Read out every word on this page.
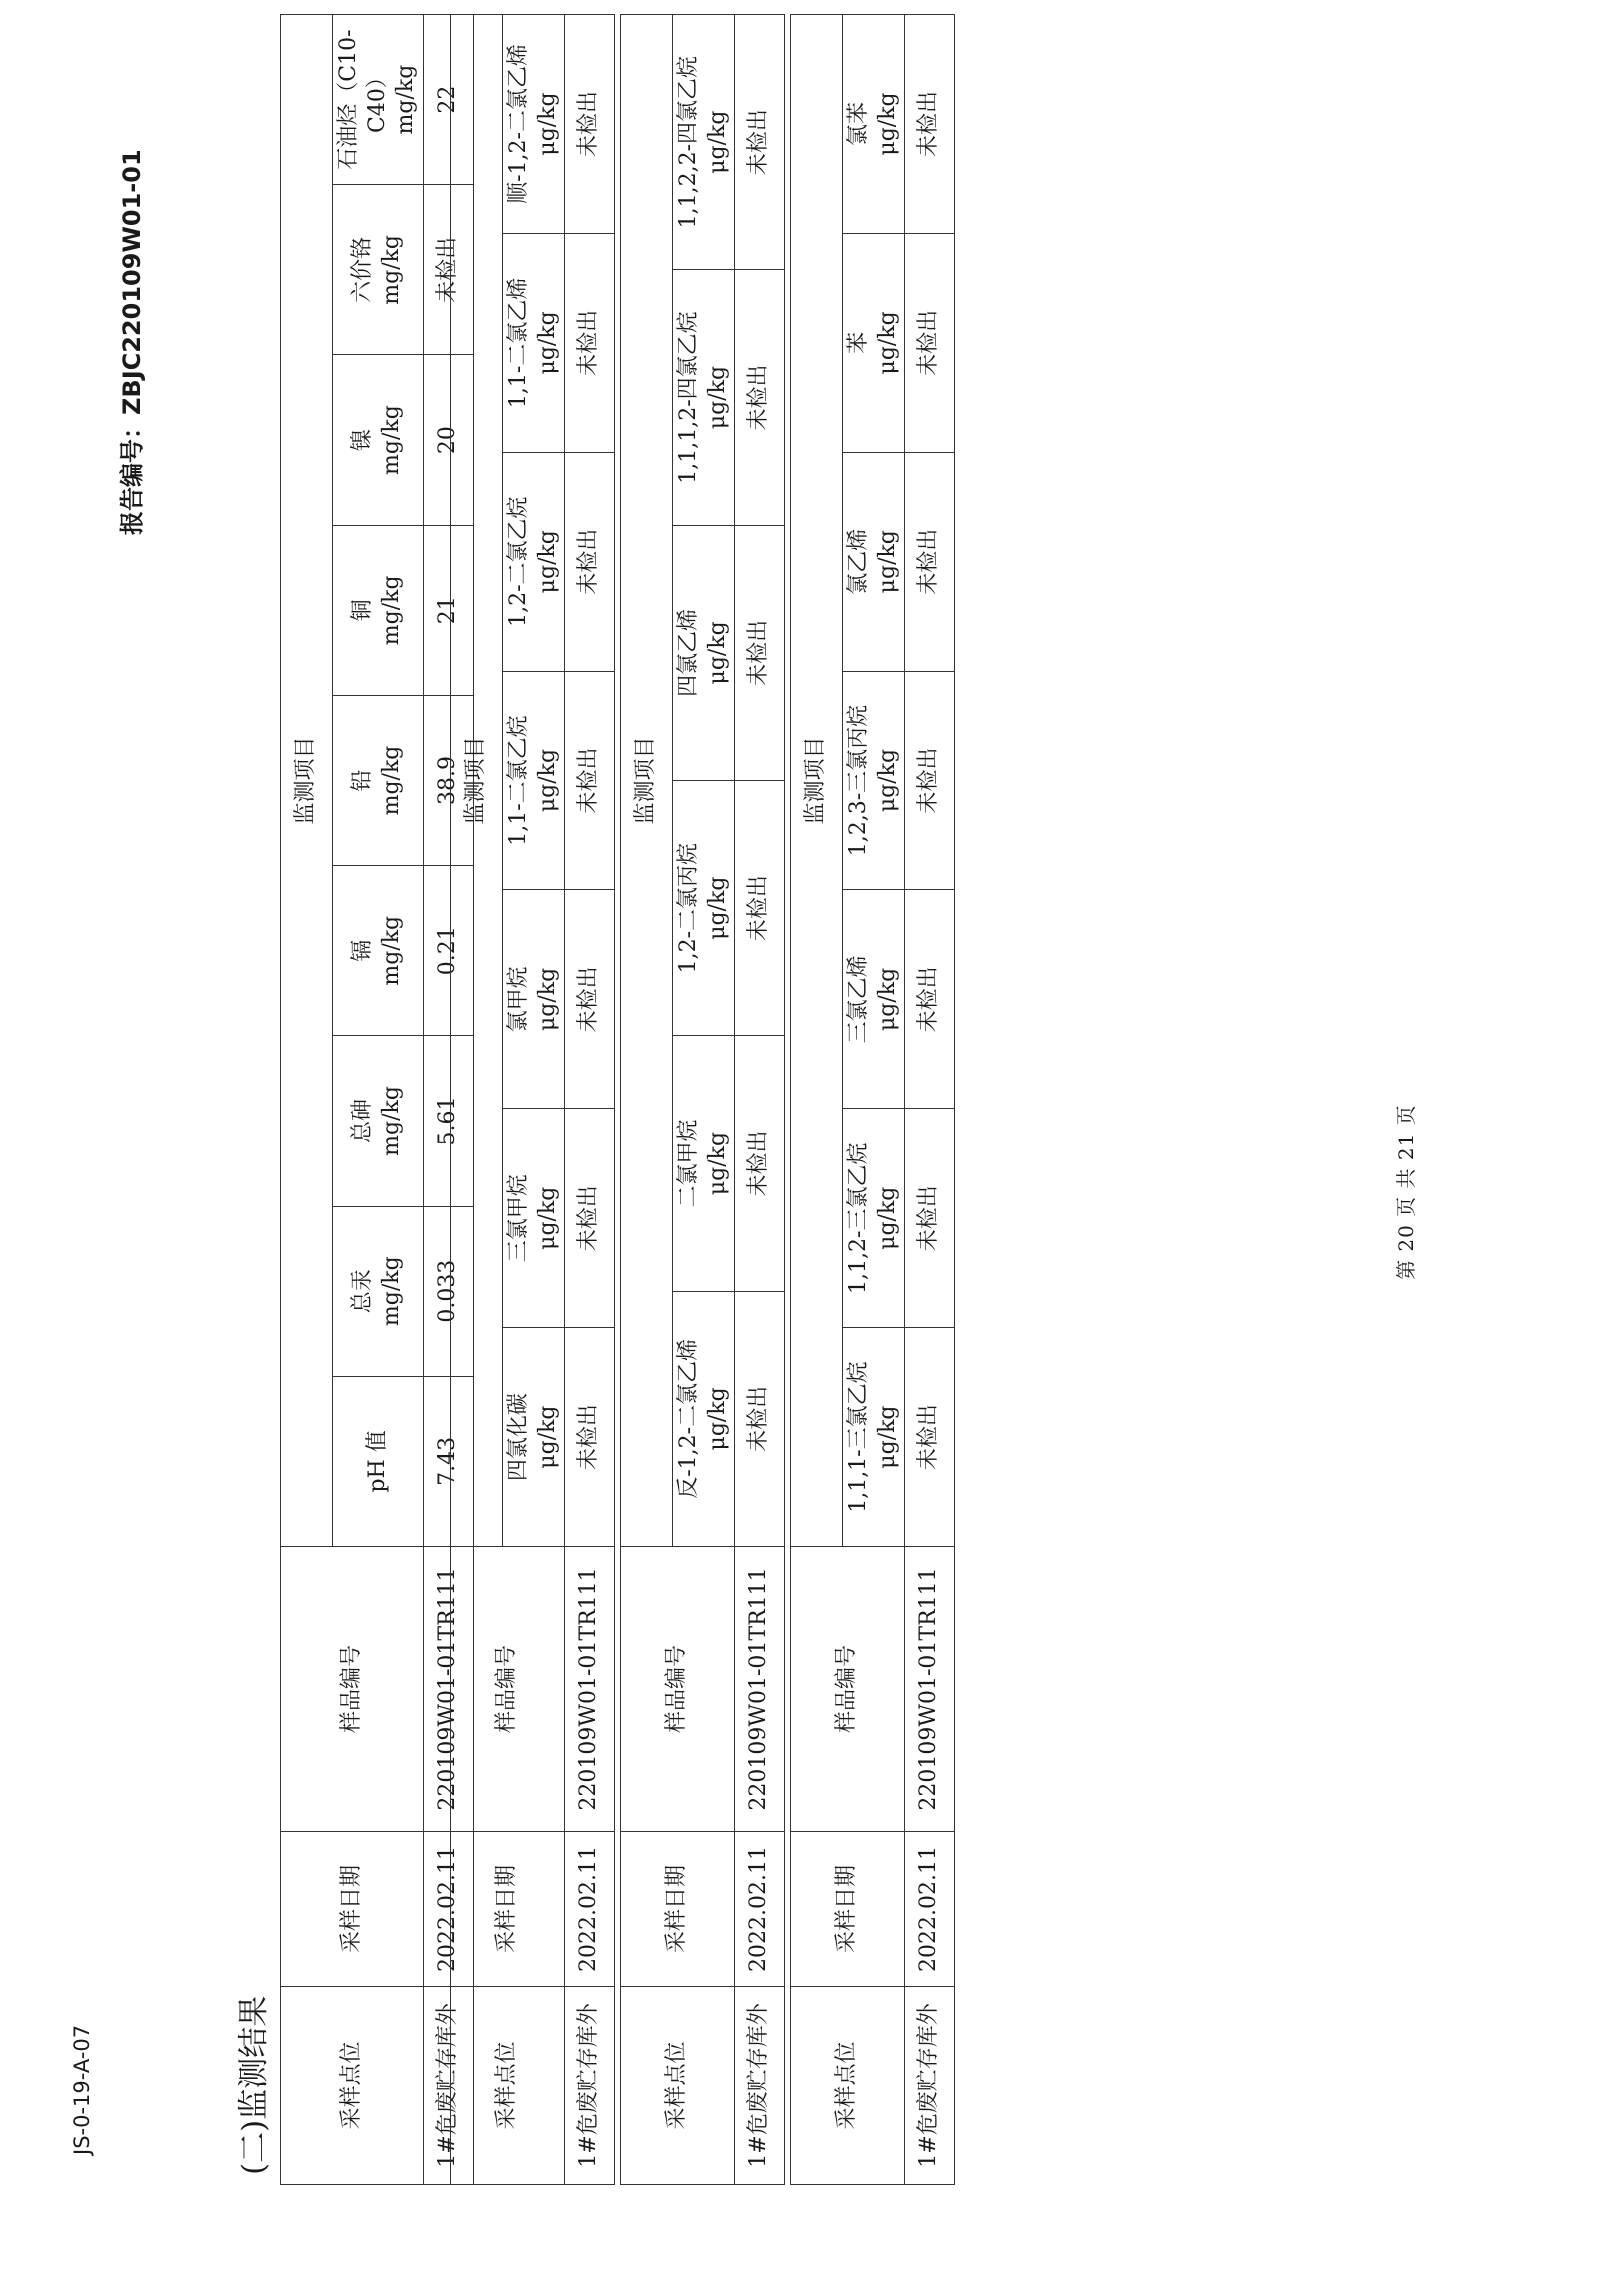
JS-0-19-A-07
报告编号：ZBJC220109W01-01
(二)监测结果	采样点位	采样日期	样品编号	监测项目								

			pH 值	总汞 mg/kg	总砷 mg/kg	镉 mg/kg	铅 mg/kg	铜 mg/kg	镍 mg/kg	六价铬 mg/kg	石油烃（C10-C40） mg/kg

1#危废贮存库外	2022.02.11	220109W01-01TR111	7.43	0.033	5.61	0.21	38.9	21	20	未检出	22
采样点位	采样日期	样品编号	监测项目						

			四氯化碳 μg/kg	三氯甲烷 μg/kg	氯甲烷 μg/kg	1,1-二氯乙烷 μg/kg	1,2-二氯乙烷 μg/kg	1,1-二氯乙烯 μg/kg	顺-1,2-二氯乙烯 μg/kg

1#危废贮存库外	2022.02.11	220109W01-01TR111	未检出	未检出	未检出	未检出	未检出	未检出	未检出
采样点位	采样日期	样品编号	监测项目					

			反-1,2-二氯乙烯 μg/kg	二氯甲烷 μg/kg	1,2-二氯丙烷 μg/kg	四氯乙烯 μg/kg	1,1,1,2-四氯乙烷 μg/kg	1,1,2,2-四氯乙烷 μg/kg

1#危废贮存库外	2022.02.11	220109W01-01TR111	未检出	未检出	未检出	未检出	未检出	未检出
采样点位	采样日期	样品编号	监测项目						

			1,1,1-三氯乙烷 μg/kg	1,1,2-三氯乙烷 μg/kg	三氯乙烯 μg/kg	1,2,3-三氯丙烷 μg/kg	氯乙烯 μg/kg	苯 μg/kg	氯苯 μg/kg

1#危废贮存库外	2022.02.11	220109W01-01TR111	未检出	未检出	未检出	未检出	未检出	未检出	未检出
第 20 页 共 21 页
